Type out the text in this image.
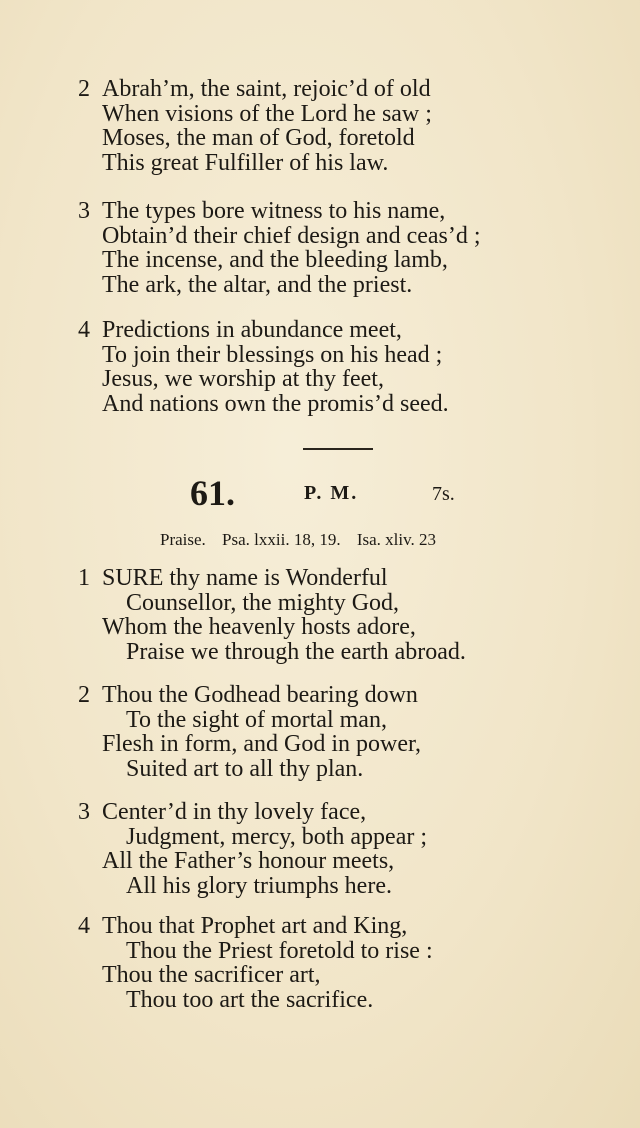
2 Abrah’m, the saint, rejoic’d of old
When visions of the Lord he saw ;
Moses, the man of God, foretold
This great Fulfiller of his law.
3 The types bore witness to his name,
Obtain’d their chief design and ceas’d ;
The incense, and the bleeding lamb,
The ark, the altar, and the priest.
4 Predictions in abundance meet,
To join their blessings on his head ;
Jesus, we worship at thy feet,
And nations own the promis’d seed.
61.	P. M.	7s.
Praise. Psa. lxxii. 18, 19. Isa. xliv. 23
1 SURE thy name is Wonderful
Counsellor, the mighty God,
Whom the heavenly hosts adore,
Praise we through the earth abroad.
2 Thou the Godhead bearing down
To the sight of mortal man,
Flesh in form, and God in power,
Suited art to all thy plan.
3 Center’d in thy lovely face,
Judgment, mercy, both appear ;
All the Father’s honour meets,
All his glory triumphs here.
4 Thou that Prophet art and King,
Thou the Priest foretold to rise :
Thou the sacrificer art,
Thou too art the sacrifice.
